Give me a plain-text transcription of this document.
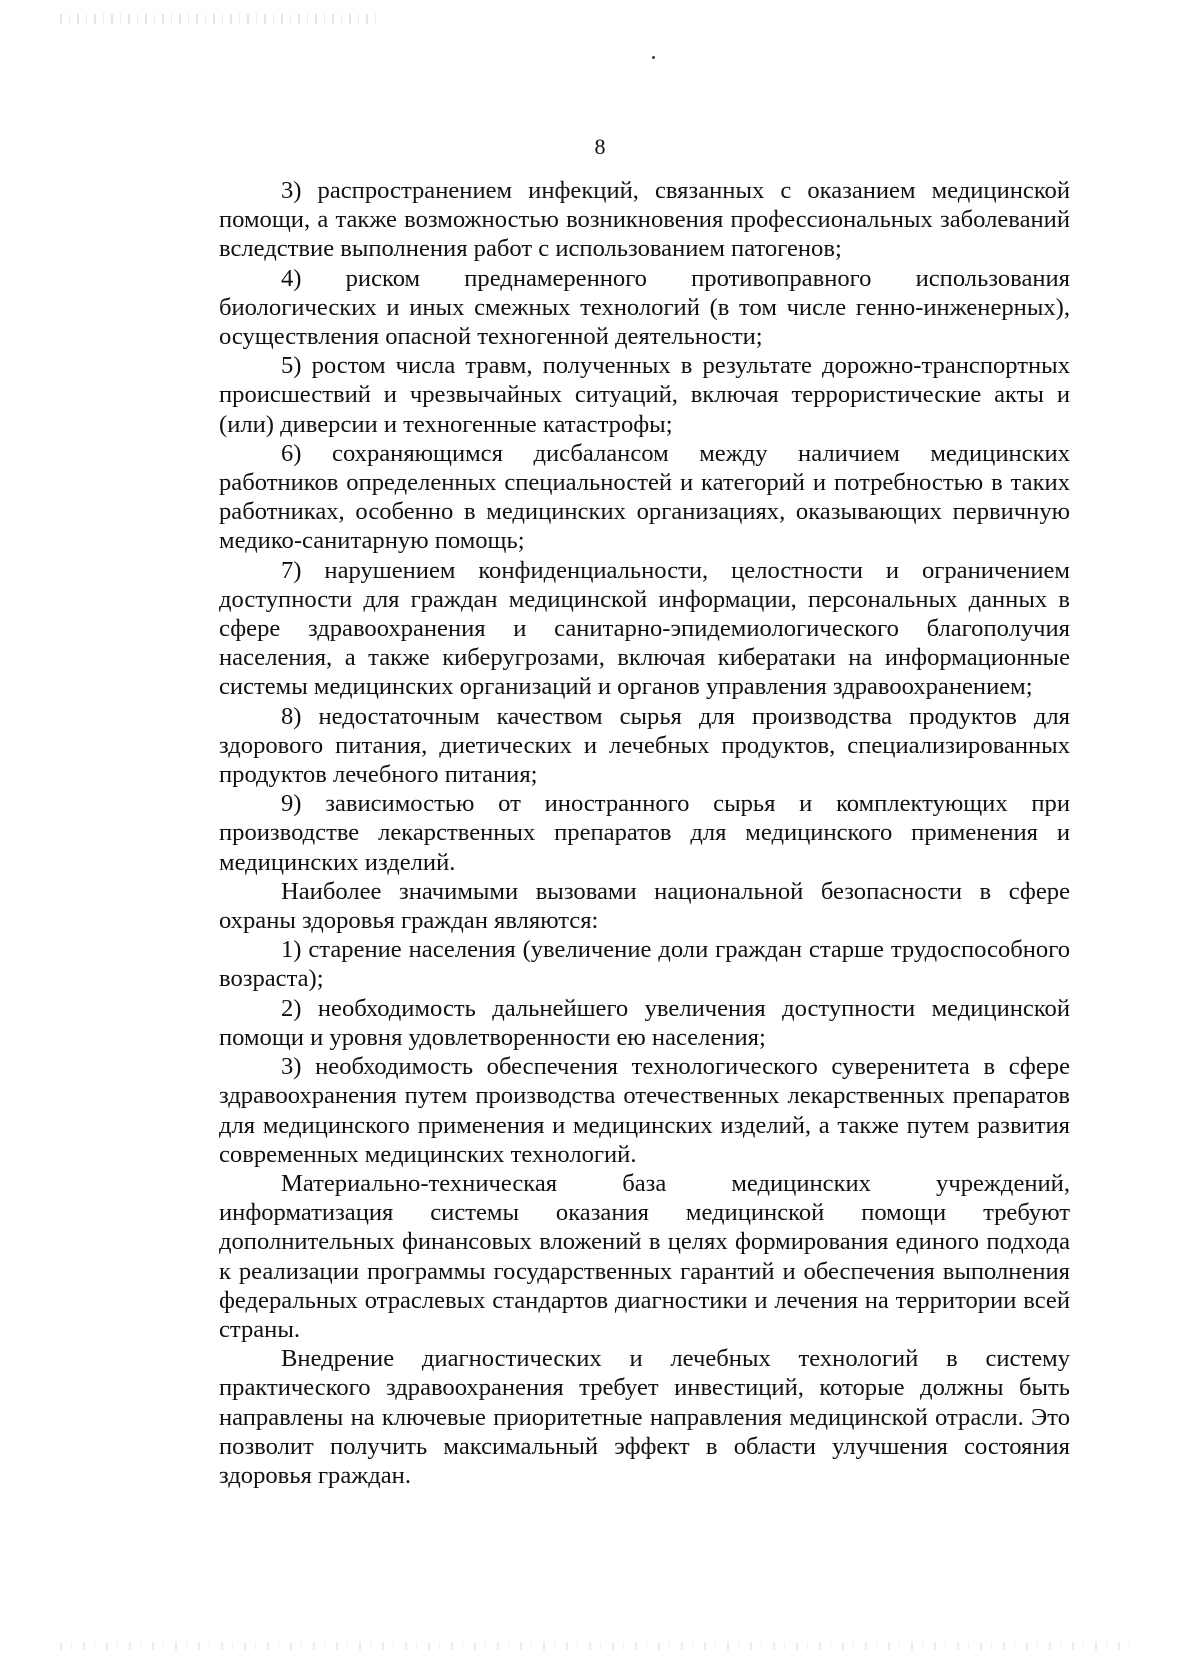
8

3) распространением инфекций, связанных с оказанием медицинской помощи, а также возможностью возникновения профессиональных заболеваний вследствие выполнения работ с использованием патогенов;

4) риском преднамеренного противоправного использования биологических и иных смежных технологий (в том числе генно-инженерных), осуществления опасной техногенной деятельности;

5) ростом числа травм, полученных в результате дорожно-транспортных происшествий и чрезвычайных ситуаций, включая террористические акты и (или) диверсии и техногенные катастрофы;

6) сохраняющимся дисбалансом между наличием медицинских работников определенных специальностей и категорий и потребностью в таких работниках, особенно в медицинских организациях, оказывающих первичную медико-санитарную помощь;

7) нарушением конфиденциальности, целостности и ограничением доступности для граждан медицинской информации, персональных данных в сфере здравоохранения и санитарно-эпидемиологического благополучия населения, а также киберугрозами, включая кибератаки на информационные системы медицинских организаций и органов управления здравоохранением;

8) недостаточным качеством сырья для производства продуктов для здорового питания, диетических и лечебных продуктов, специализированных продуктов лечебного питания;

9) зависимостью от иностранного сырья и комплектующих при производстве лекарственных препаратов для медицинского применения и медицинских изделий.

Наиболее значимыми вызовами национальной безопасности в сфере охраны здоровья граждан являются:

1) старение населения (увеличение доли граждан старше трудоспособного возраста);

2) необходимость дальнейшего увеличения доступности медицинской помощи и уровня удовлетворенности ею населения;

3) необходимость обеспечения технологического суверенитета в сфере здравоохранения путем производства отечественных лекарственных препаратов для медицинского применения и медицинских изделий, а также путем развития современных медицинских технологий.

Материально-техническая база медицинских учреждений, информатизация системы оказания медицинской помощи требуют дополнительных финансовых вложений в целях формирования единого подхода к реализации программы государственных гарантий и обеспечения выполнения федеральных отраслевых стандартов диагностики и лечения на территории всей страны.

Внедрение диагностических и лечебных технологий в систему практического здравоохранения требует инвестиций, которые должны быть направлены на ключевые приоритетные направления медицинской отрасли. Это позволит получить максимальный эффект в области улучшения состояния здоровья граждан.
